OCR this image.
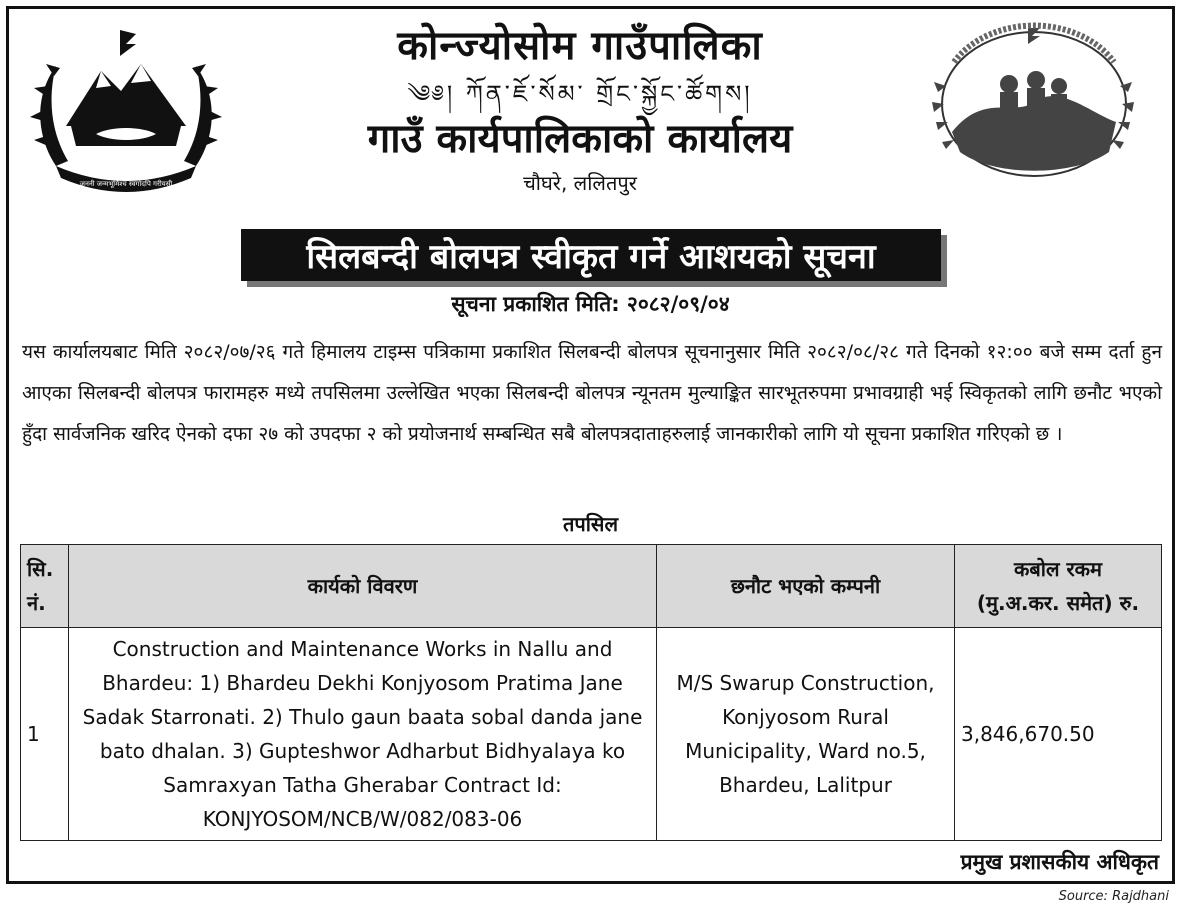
जननी जन्मभूमिश्च स्वर्गादपि गरीयसी
कोन्ज्योसोम गाउँपालिका
༄༅། ཀོན་ཇོ་སོམ་ གྲོང་སྐྱོང་ཚོགས།
गाउँ कार्यपालिकाको कार्यालय
चौघरे, ललितपुर
सिलबन्दी बोलपत्र स्वीकृत गर्ने आशयको सूचना
सूचना प्रकाशित मिति: २०८२/०९/०४

यस कार्यालयबाट मिति २०८२/०७/२६ गते हिमालय टाइम्स पत्रिकामा प्रकाशित सिलबन्दी बोलपत्र सूचनानुसार मिति २०८२/०८/२८ गते दिनको १२:०० बजे सम्म दर्ता हुन आएका सिलबन्दी बोलपत्र फारामहरु मध्ये तपसिलमा उल्लेखित भएका सिलबन्दी बोलपत्र न्यूनतम मुल्याङ्कित सारभूतरुपमा प्रभावग्राही भई स्विकृतको लागि छनौट भएको हुँदा सार्वजनिक खरिद ऐनको दफा २७ को उपदफा २ को प्रयोजनार्थ सम्बन्धित सबै बोलपत्रदाताहरुलाई जानकारीको लागि यो सूचना प्रकाशित गरिएको छ ।

तपसिल
सि. नं.	कार्यको विवरण	छनौट भएको कम्पनी	कबोल रकम
(मु.अ.कर. समेत) रु.

1	Construction and Maintenance Works in Nallu and Bhardeu: 1) Bhardeu Dekhi Konjyosom Pratima Jane Sadak Starronati. 2) Thulo gaun baata sobal danda jane bato dhalan. 3) Gupteshwor Adharbut Bidhyalaya ko Samraxyan Tatha Gherabar Contract Id: KONJYOSOM/NCB/W/082/083-06	M/S Swarup Construction, Konjyosom Rural Municipality, Ward no.5, Bhardeu, Lalitpur	3,846,670.50
प्रमुख प्रशासकीय अधिकृत
Source: Rajdhani
